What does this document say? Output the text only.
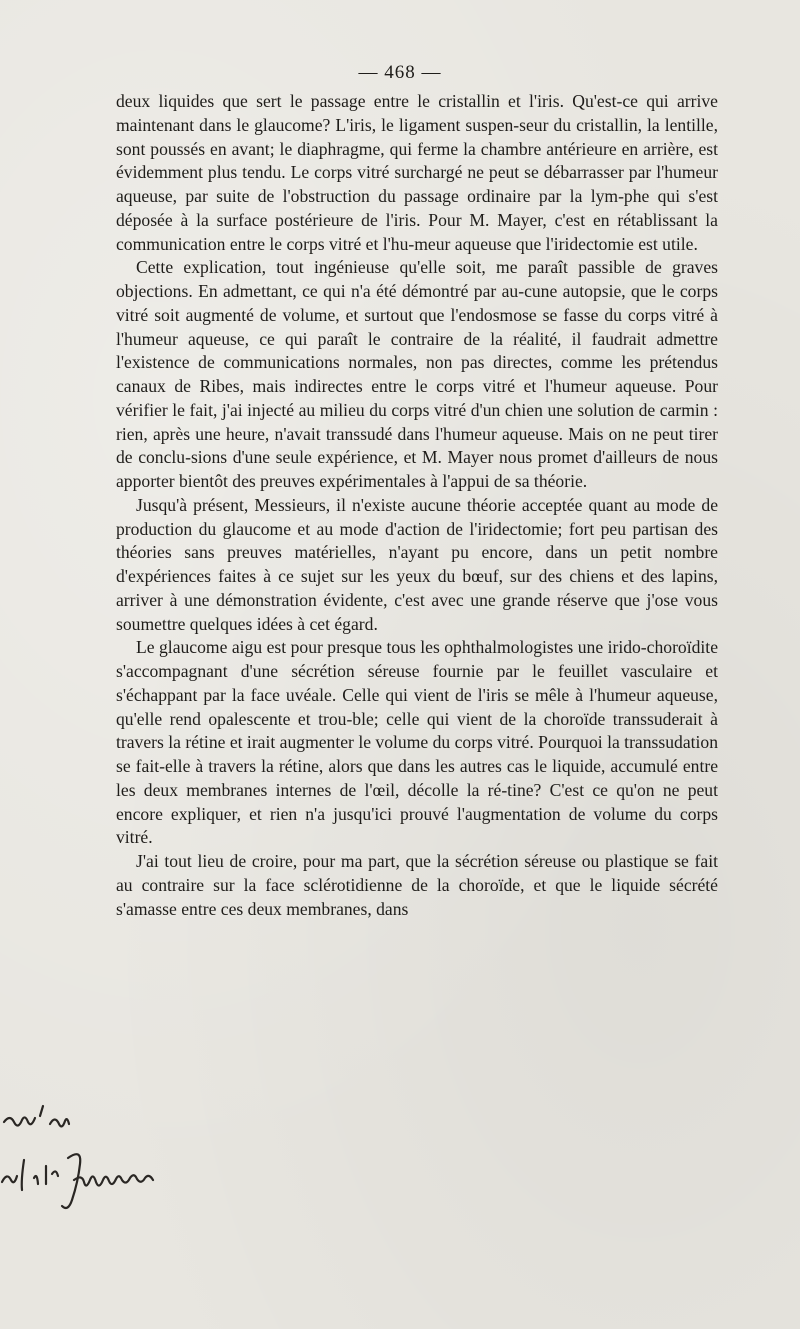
— 468 —

deux liquides que sert le passage entre le cristallin et l'iris. Qu'est-ce qui arrive maintenant dans le glaucome? L'iris, le ligament suspen-seur du cristallin, la lentille, sont poussés en avant; le diaphragme, qui ferme la chambre antérieure en arrière, est évidemment plus tendu. Le corps vitré surchargé ne peut se débarrasser par l'humeur aqueuse, par suite de l'obstruction du passage ordinaire par la lym-phe qui s'est déposée à la surface postérieure de l'iris. Pour M. Mayer, c'est en rétablissant la communication entre le corps vitré et l'hu-meur aqueuse que l'iridectomie est utile.

Cette explication, tout ingénieuse qu'elle soit, me paraît passible de graves objections. En admettant, ce qui n'a été démontré par au-cune autopsie, que le corps vitré soit augmenté de volume, et surtout que l'endosmose se fasse du corps vitré à l'humeur aqueuse, ce qui paraît le contraire de la réalité, il faudrait admettre l'existence de communications normales, non pas directes, comme les prétendus canaux de Ribes, mais indirectes entre le corps vitré et l'humeur aqueuse. Pour vérifier le fait, j'ai injecté au milieu du corps vitré d'un chien une solution de carmin : rien, après une heure, n'avait transsudé dans l'humeur aqueuse. Mais on ne peut tirer de conclu-sions d'une seule expérience, et M. Mayer nous promet d'ailleurs de nous apporter bientôt des preuves expérimentales à l'appui de sa théorie.

Jusqu'à présent, Messieurs, il n'existe aucune théorie acceptée quant au mode de production du glaucome et au mode d'action de l'iridectomie; fort peu partisan des théories sans preuves matérielles, n'ayant pu encore, dans un petit nombre d'expériences faites à ce sujet sur les yeux du bœuf, sur des chiens et des lapins, arriver à une démonstration évidente, c'est avec une grande réserve que j'ose vous soumettre quelques idées à cet égard.

Le glaucome aigu est pour presque tous les ophthalmologistes une irido-choroïdite s'accompagnant d'une sécrétion séreuse fournie par le feuillet vasculaire et s'échappant par la face uvéale. Celle qui vient de l'iris se mêle à l'humeur aqueuse, qu'elle rend opalescente et trou-ble; celle qui vient de la choroïde transsuderait à travers la rétine et irait augmenter le volume du corps vitré. Pourquoi la transsudation se fait-elle à travers la rétine, alors que dans les autres cas le liquide, accumulé entre les deux membranes internes de l'œil, décolle la ré-tine? C'est ce qu'on ne peut encore expliquer, et rien n'a jusqu'ici prouvé l'augmentation de volume du corps vitré.

J'ai tout lieu de croire, pour ma part, que la sécrétion séreuse ou plastique se fait au contraire sur la face sclérotidienne de la choroïde, et que le liquide sécrété s'amasse entre ces deux membranes, dans
